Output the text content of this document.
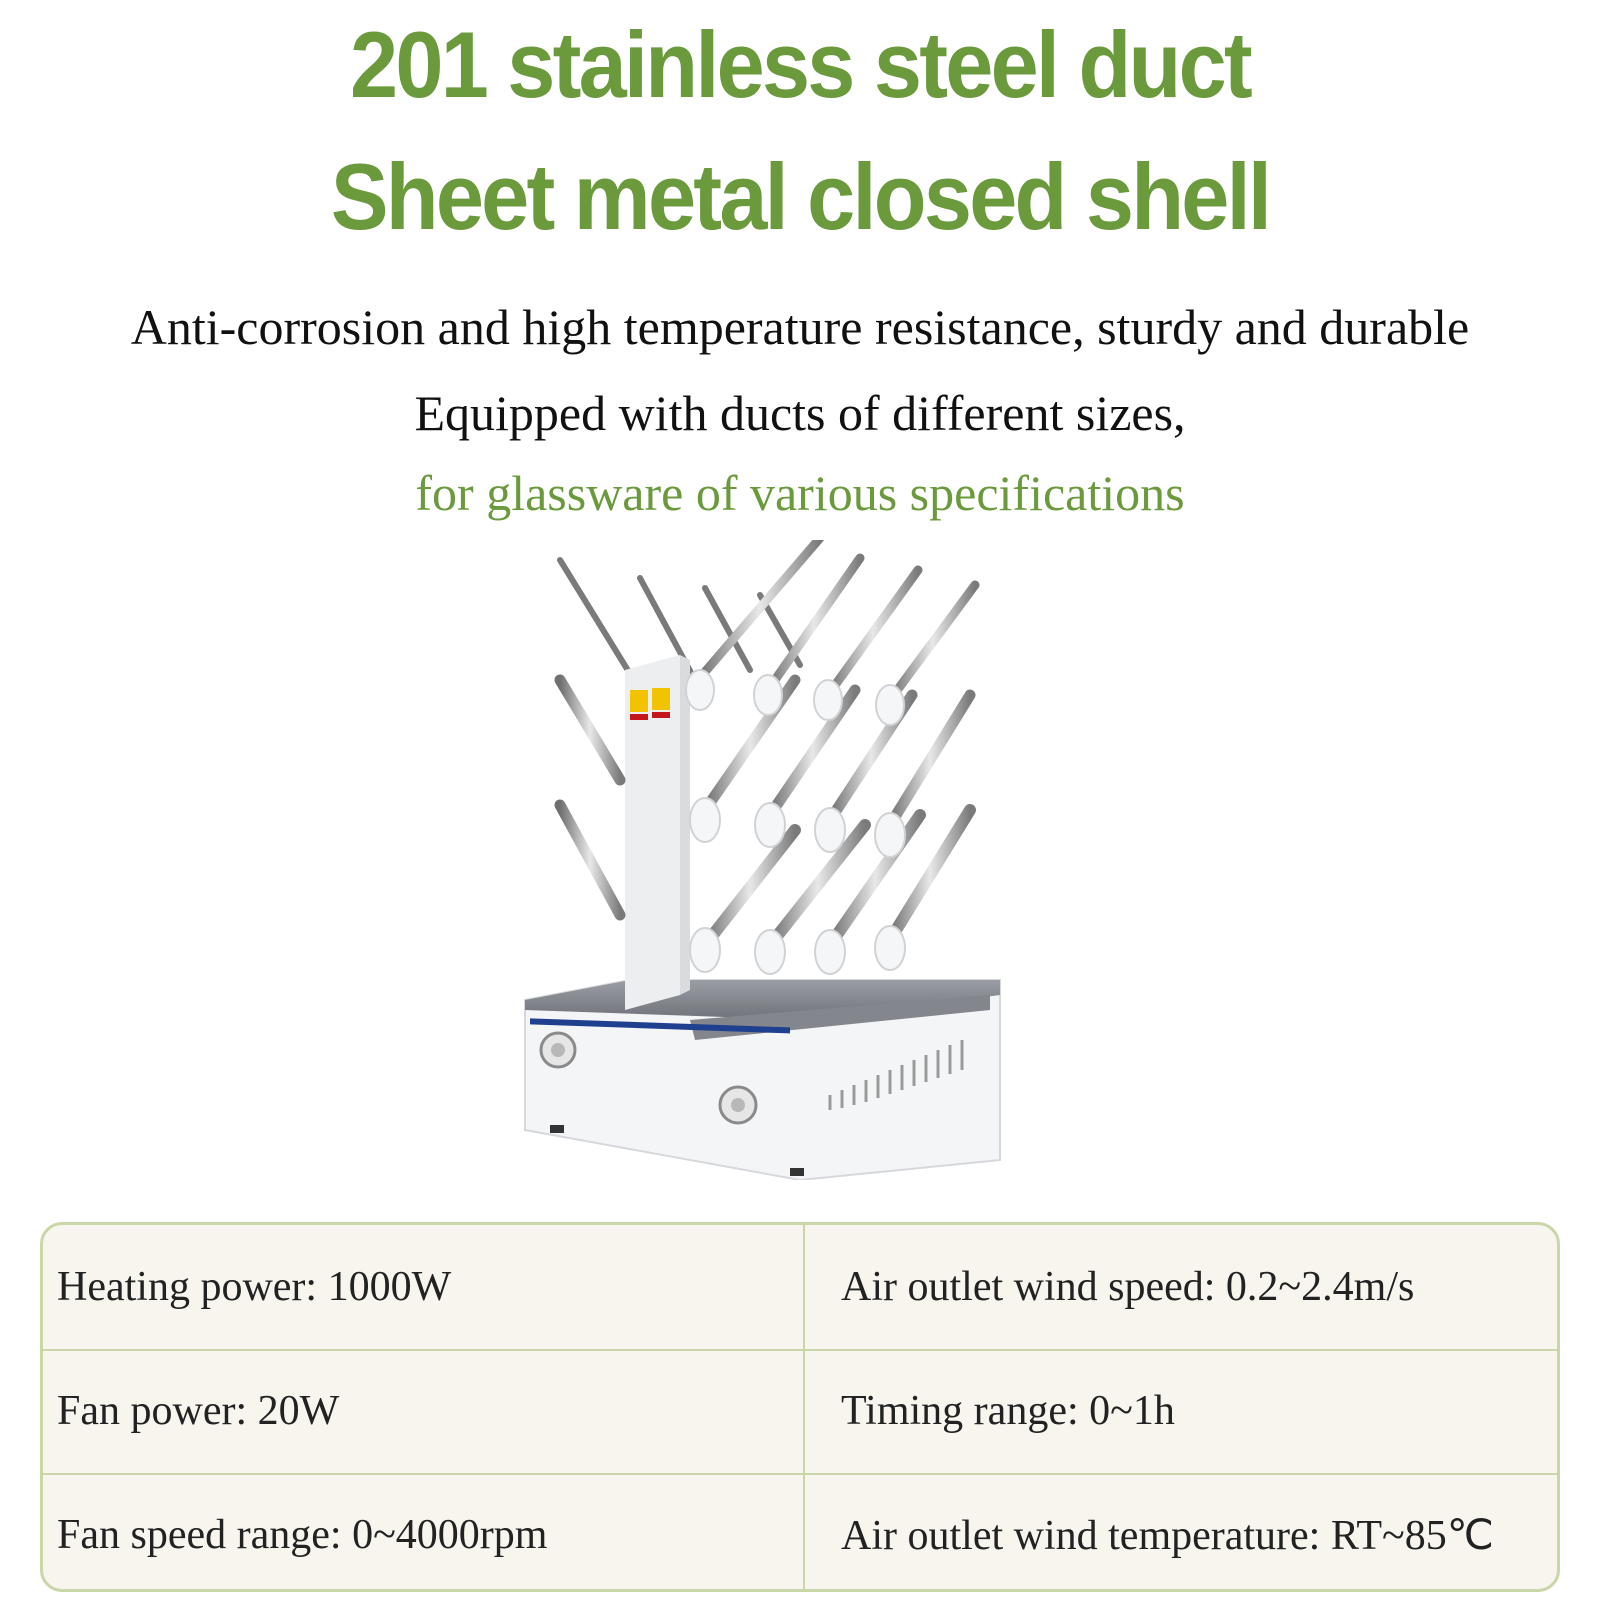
201 stainless steel duct
Sheet metal closed shell
Anti-corrosion and high temperature resistance, sturdy and durable
Equipped with ducts of different sizes,
for glassware of various specifications
Heating power: 1000W	Air outlet wind speed: 0.2~2.4m/s
Fan power: 20W	Timing range: 0~1h
Fan speed range: 0~4000rpm	Air outlet wind temperature: RT~85℃
